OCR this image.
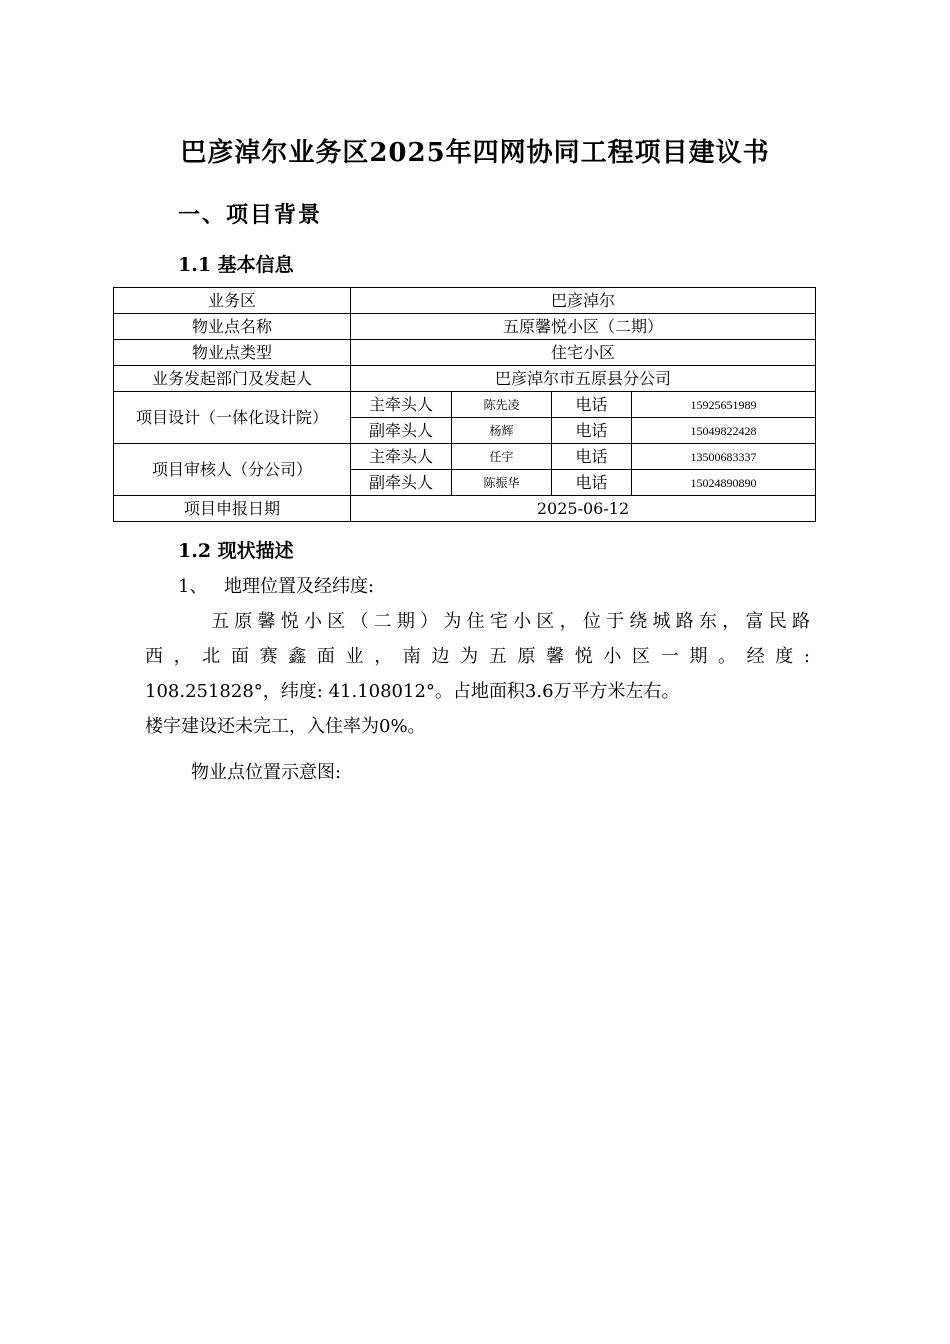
巴彦淖尔业务区2025年四网协同工程项目建议书
一、项目背景
1.1 基本信息
业务区	巴彦淖尔			
物业点名称	五原馨悦小区（二期）			
物业点类型	住宅小区			
业务发起部门及发起人	巴彦淖尔市五原县分公司			
项目设计（一体化设计院）	主牵头人	陈先凌	电话	15925651989
	副牵头人	杨辉	电话	15049822428
项目审核人（分公司）	主牵头人	任宇	电话	13500683337
	副牵头人	陈振华	电话	15024890890
项目申报日期	2025-06-12			
1.2 现状描述
1、 地理位置及经纬度:
五原馨悦小区（二期）为住宅小区，位于绕城路东，富民路
西，北面赛鑫面业，南边为五原馨悦小区一期。经度:
108.251828°，纬度: 41.108012°。占地面积3.6万平方米左右。
楼宇建设还未完工，入住率为0%。
物业点位置示意图:
